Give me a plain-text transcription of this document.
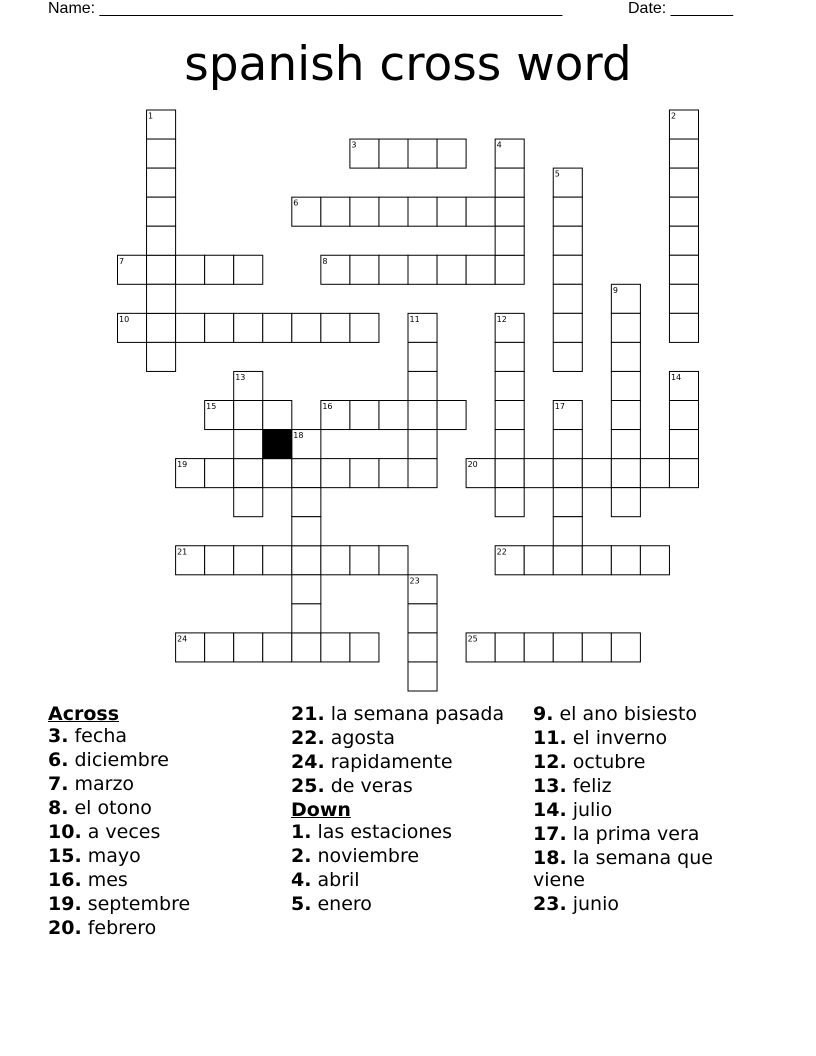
Name: ____________________________________________________	Date: _______
spanish cross word
3
6
7	8
10
15	16
19	20
21	22
24	25
1	2
4
5
9
11	12
13	14
17
18
23
Across
3. fecha
6. diciembre
7. marzo
8. el otono
10. a veces
15. mayo
16. mes
19. septembre
20. febrero
21. la semana pasada
22. agosta
24. rapidamente
25. de veras
Down
1. las estaciones
2. noviembre
4. abril
5. enero
9. el ano bisiesto
11. el inverno
12. octubre
13. feliz
14. julio
17. la prima vera
18. la semana que viene
23. junio
